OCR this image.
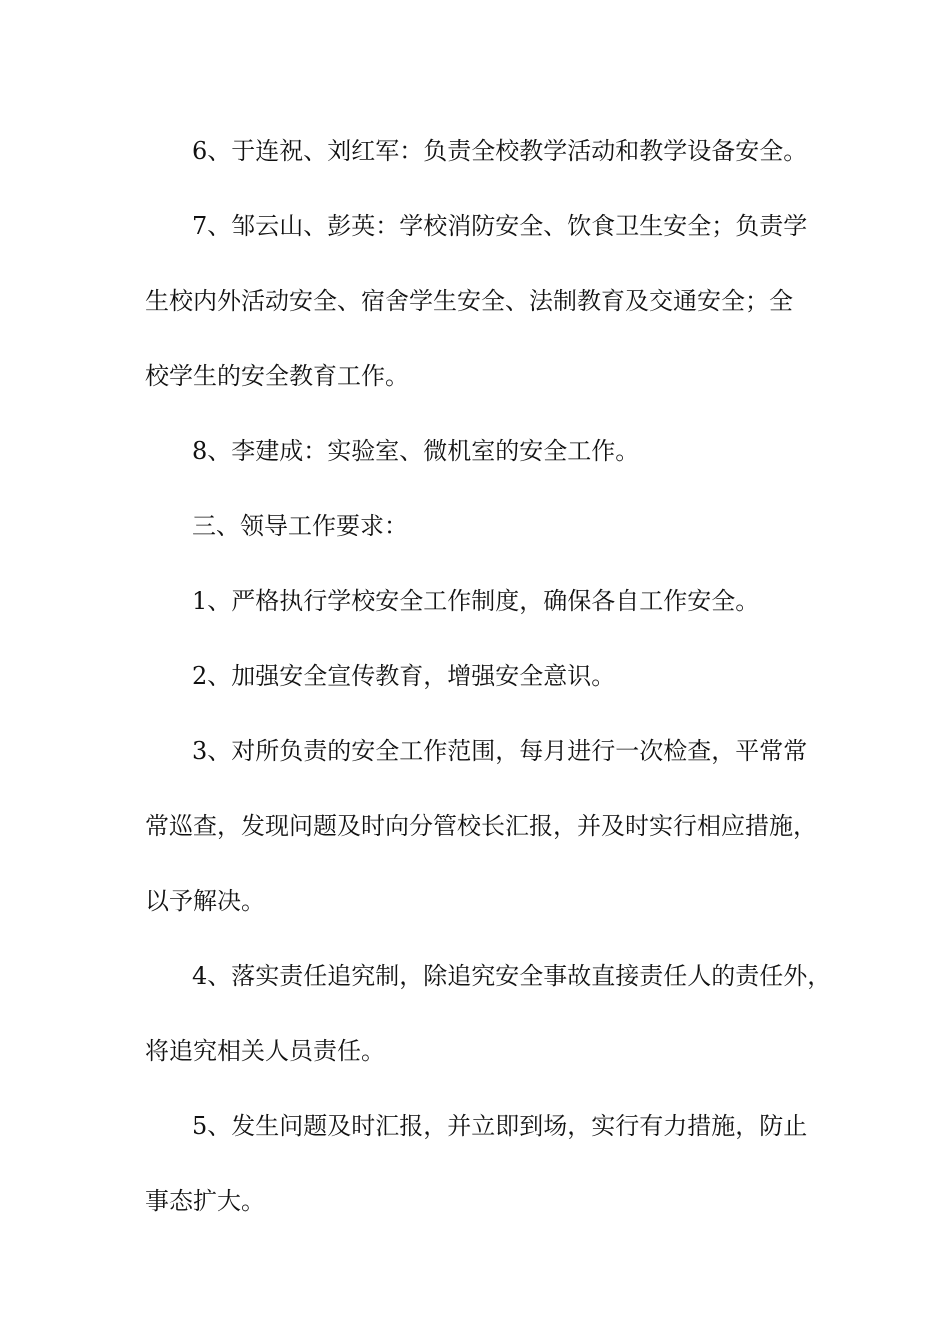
6、于连祝、刘红军：负责全校教学活动和教学设备安全。
7、邹云山、彭英：学校消防安全、饮食卫生安全；负责学
生校内外活动安全、宿舍学生安全、法制教育及交通安全；全
校学生的安全教育工作。
8、李建成：实验室、微机室的安全工作。
三、领导工作要求：
1、严格执行学校安全工作制度，确保各自工作安全。
2、加强安全宣传教育，增强安全意识。
3、对所负责的安全工作范围，每月进行一次检查，平常常
常巡查，发现问题及时向分管校长汇报，并及时实行相应措施，
以予解决。
4、落实责任追究制，除追究安全事故直接责任人的责任外，
将追究相关人员责任。
5、发生问题及时汇报，并立即到场，实行有力措施，防止
事态扩大。
